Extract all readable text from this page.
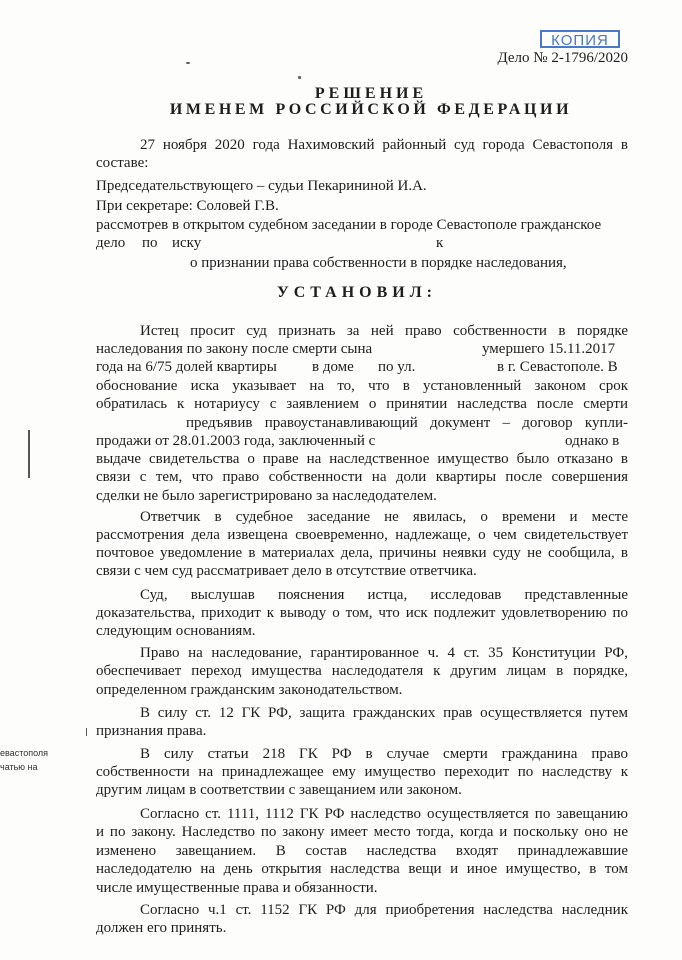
КОПИЯ
Дело № 2-1796/2020
РЕШЕНИЕ
ИМЕНЕМ РОССИЙСКОЙ ФЕДЕРАЦИИ
27 ноября 2020 года Нахимовский районный суд города Севастополя в
составе:
Председательствующего – судьи Пекарининой И.А.
При секретаре: Соловей Г.В.
рассмотрев в открытом судебном заседании в городе Севастополе гражданское
дело по иску	к
о признании права собственности в порядке наследования,
УСТАНОВИЛ:
Истец просит суд признать за ней право собственности в порядке
наследования по закону после смерти сына	умершего 15.11.2017
года на 6/75 долей квартиры в доме по ул.	в г. Севастополе. В
обоснование иска указывает на то, что в установленный законом срок
обратилась к нотариусу с заявлением о принятии наследства после смерти
предъявив правоустанавливающий документ – договор купли-
продажи от 28.01.2003 года, заключенный с	однако в
выдаче свидетельства о праве на наследственное имущество было отказано в
связи с тем, что право собственности на доли квартиры после совершения
сделки не было зарегистрировано за наследодателем.
Ответчик в судебное заседание не явилась, о времени и месте
рассмотрения дела извещена своевременно, надлежаще, о чем свидетельствует
почтовое уведомление в материалах дела, причины неявки суду не сообщила, в
связи с чем суд рассматривает дело в отсутствие ответчика.
Суд, выслушав пояснения истца, исследовав представленные
доказательства, приходит к выводу о том, что иск подлежит удовлетворению по
следующим основаниям.
Право на наследование, гарантированное ч. 4 ст. 35 Конституции РФ,
обеспечивает переход имущества наследодателя к другим лицам в порядке,
определенном гражданским законодательством.
В силу ст. 12 ГК РФ, защита гражданских прав осуществляется путем
признания права.
В силу статьи 218 ГК РФ в случае смерти гражданина право
собственности на принадлежащее ему имущество переходит по наследству к
другим лицам в соответствии с завещанием или законом.
Согласно ст. 1111, 1112 ГК РФ наследство осуществляется по завещанию
и по закону. Наследство по закону имеет место тогда, когда и поскольку оно не
изменено завещанием. В состав наследства входят принадлежавшие
наследодателю на день открытия наследства вещи и иное имущество, в том
числе имущественные права и обязанности.
Согласно ч.1 ст. 1152 ГК РФ для приобретения наследства наследник
должен его принять.
евастополя
чатью на
